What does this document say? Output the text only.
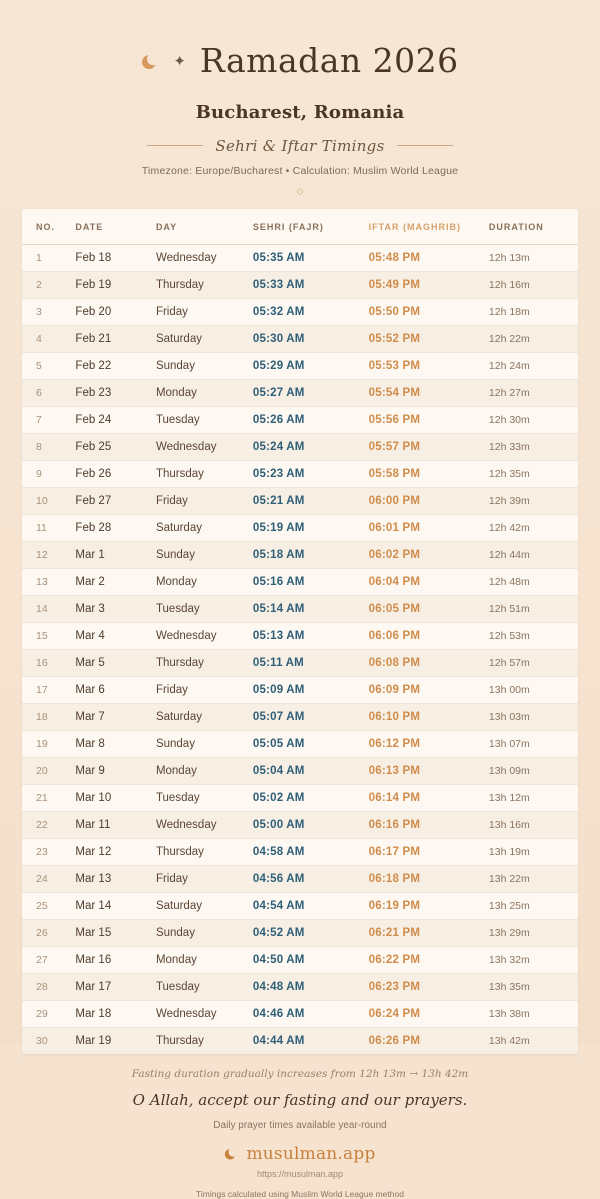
✦ Ramadan 2026
Bucharest, Romania
Sehri & Iftar Timings
Timezone: Europe/Bucharest • Calculation: Muslim World League
◇
NO.	DATE	DAY	SEHRI (FAJR)	IFTAR (MAGHRIB)	DURATION
1	Feb 18	Wednesday	05:35 AM	05:48 PM	12h 13m
2	Feb 19	Thursday	05:33 AM	05:49 PM	12h 16m
3	Feb 20	Friday	05:32 AM	05:50 PM	12h 18m
4	Feb 21	Saturday	05:30 AM	05:52 PM	12h 22m
5	Feb 22	Sunday	05:29 AM	05:53 PM	12h 24m
6	Feb 23	Monday	05:27 AM	05:54 PM	12h 27m
7	Feb 24	Tuesday	05:26 AM	05:56 PM	12h 30m
8	Feb 25	Wednesday	05:24 AM	05:57 PM	12h 33m
9	Feb 26	Thursday	05:23 AM	05:58 PM	12h 35m
10	Feb 27	Friday	05:21 AM	06:00 PM	12h 39m
11	Feb 28	Saturday	05:19 AM	06:01 PM	12h 42m
12	Mar 1	Sunday	05:18 AM	06:02 PM	12h 44m
13	Mar 2	Monday	05:16 AM	06:04 PM	12h 48m
14	Mar 3	Tuesday	05:14 AM	06:05 PM	12h 51m
15	Mar 4	Wednesday	05:13 AM	06:06 PM	12h 53m
16	Mar 5	Thursday	05:11 AM	06:08 PM	12h 57m
17	Mar 6	Friday	05:09 AM	06:09 PM	13h 00m
18	Mar 7	Saturday	05:07 AM	06:10 PM	13h 03m
19	Mar 8	Sunday	05:05 AM	06:12 PM	13h 07m
20	Mar 9	Monday	05:04 AM	06:13 PM	13h 09m
21	Mar 10	Tuesday	05:02 AM	06:14 PM	13h 12m
22	Mar 11	Wednesday	05:00 AM	06:16 PM	13h 16m
23	Mar 12	Thursday	04:58 AM	06:17 PM	13h 19m
24	Mar 13	Friday	04:56 AM	06:18 PM	13h 22m
25	Mar 14	Saturday	04:54 AM	06:19 PM	13h 25m
26	Mar 15	Sunday	04:52 AM	06:21 PM	13h 29m
27	Mar 16	Monday	04:50 AM	06:22 PM	13h 32m
28	Mar 17	Tuesday	04:48 AM	06:23 PM	13h 35m
29	Mar 18	Wednesday	04:46 AM	06:24 PM	13h 38m
30	Mar 19	Thursday	04:44 AM	06:26 PM	13h 42m
Fasting duration gradually increases from 12h 13m → 13h 42m
O Allah, accept our fasting and our prayers.
Daily prayer times available year-round
musulman.app
https://musulman.app
Timings calculated using Muslim World League method
